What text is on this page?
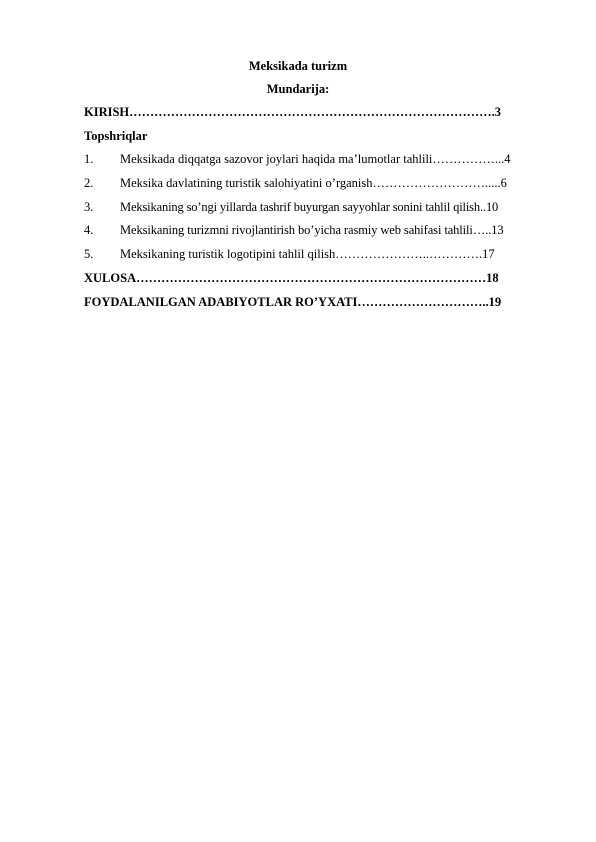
Meksikada turizm
Mundarija:
KIRISH…………………………………………………………………………….3
Topshriqlar
1. Meksikada diqqatga sazovor joylari haqida ma’lumotlar tahlili……………...4
2. Meksika davlatining turistik salohiyatini o’rganish……………………….....6
3. Meksikaning so’ngi yillarda tashrif buyurgan sayyohlar sonini tahlil qilish..10
4. Meksikaning turizmni rivojlantirish bo’yicha rasmiy web sahifasi tahlili…..13
5. Meksikaning turistik logotipini tahlil qilish…………………..………….17
XULOSA…………………………………………………………………………18
FOYDALANILGAN ADABIYOTLAR RO’YXATI…………………………..19
